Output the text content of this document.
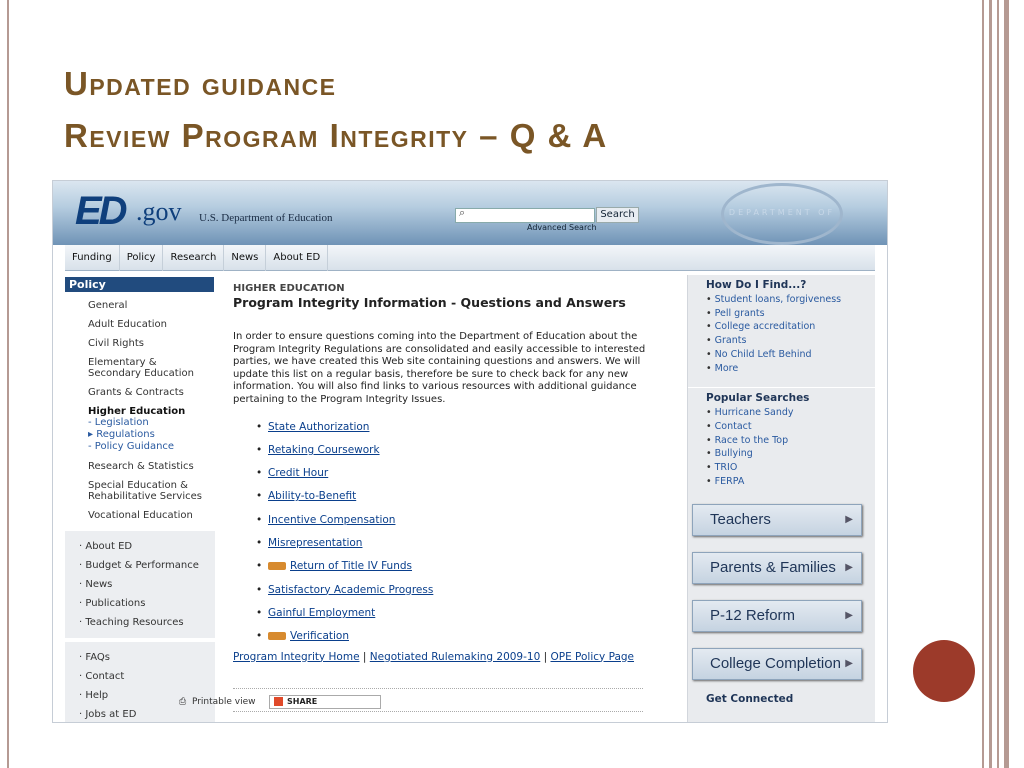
Updated guidance
Review Program Integrity – Q & A
ED .gov U.S. Department of Education	⌕	Search
Advanced Search
DEPARTMENT OF
Funding Policy Research News About ED
Policy
General
Adult Education
Civil Rights
Elementary &
Secondary Education
Grants & Contracts
Higher Education
- Legislation
▸ Regulations
- Policy Guidance
Research & Statistics
Special Education &
Rehabilitative Services
Vocational Education
· About ED
· Budget & Performance
· News
· Publications
· Teaching Resources
· FAQs
· Contact
· Help
· Jobs at ED
HIGHER EDUCATION
Program Integrity Information - Questions and Answers
In order to ensure questions coming into the Department of Education about the Program Integrity Regulations are consolidated and easily accessible to interested parties, we have created this Web site containing questions and answers. We will update this list on a regular basis, therefore be sure to check back for any new information. You will also find links to various resources with additional guidance pertaining to the Program Integrity Issues.
• State Authorization
• Retaking Coursework
• Credit Hour
• Ability-to-Benefit
• Incentive Compensation
• Misrepresentation
• Return of Title IV Funds
• Satisfactory Academic Progress
• Gainful Employment
• Verification
Program Integrity Home | Negotiated Rulemaking 2009-10 | OPE Policy Page
⎙ Printable view	SHARE
How Do I Find...?
• Student loans, forgiveness
• Pell grants
• College accreditation
• Grants
• No Child Left Behind
• More
Popular Searches
• Hurricane Sandy
• Contact
• Race to the Top
• Bullying
• TRIO
• FERPA
Teachers	▶
Parents & Families ▶
P-12 Reform	▶
College Completion ▶
Get Connected
